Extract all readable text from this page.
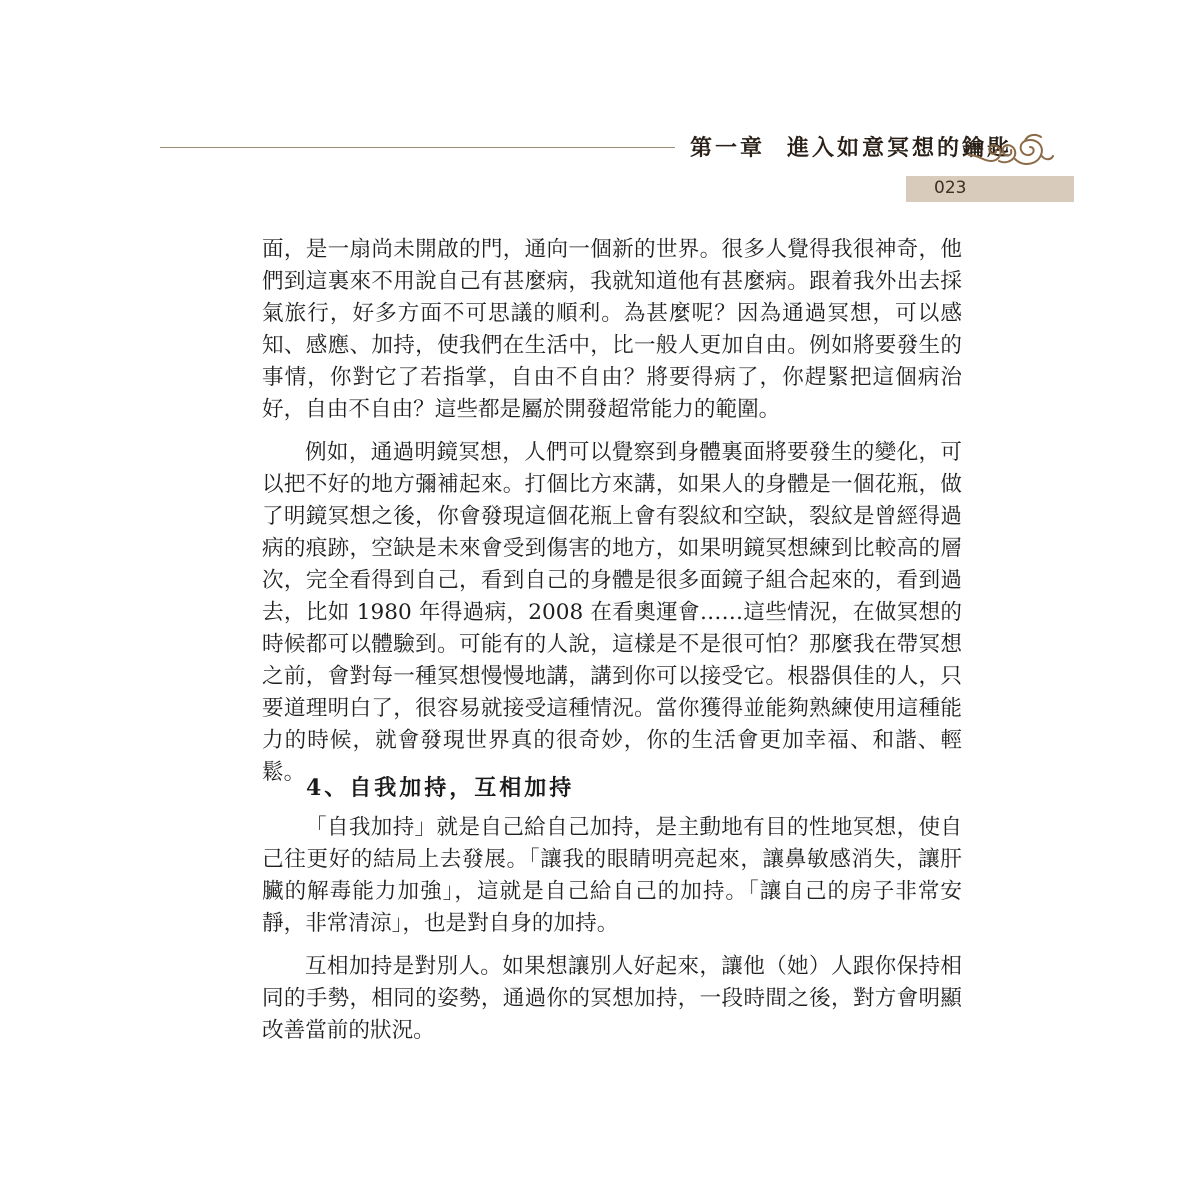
第一章 進入如意冥想的鑰匙
023

面，是一扇尚未開啟的門，通向一個新的世界。很多人覺得我很神奇，他們到這裏來不用說自己有甚麼病，我就知道他有甚麼病。跟着我外出去採氣旅行，好多方面不可思議的順利。為甚麼呢？因為通過冥想，可以感知、感應、加持，使我們在生活中，比一般人更加自由。例如將要發生的事情，你對它了若指掌，自由不自由？將要得病了，你趕緊把這個病治好，自由不自由？這些都是屬於開發超常能力的範圍。

例如，通過明鏡冥想，人們可以覺察到身體裏面將要發生的變化，可以把不好的地方彌補起來。打個比方來講，如果人的身體是一個花瓶，做了明鏡冥想之後，你會發現這個花瓶上會有裂紋和空缺，裂紋是曾經得過病的痕跡，空缺是未來會受到傷害的地方，如果明鏡冥想練到比較高的層次，完全看得到自己，看到自己的身體是很多面鏡子組合起來的，看到過去，比如 1980 年得過病，2008 在看奧運會……這些情況，在做冥想的時候都可以體驗到。可能有的人說，這樣是不是很可怕？那麼我在帶冥想之前，會對每一種冥想慢慢地講，講到你可以接受它。根器俱佳的人，只要道理明白了，很容易就接受這種情況。當你獲得並能夠熟練使用這種能力的時候，就會發現世界真的很奇妙，你的生活會更加幸福、和諧、輕鬆。

4、自我加持，互相加持

「自我加持」就是自己給自己加持，是主動地有目的性地冥想，使自己往更好的結局上去發展。「讓我的眼睛明亮起來，讓鼻敏感消失，讓肝臟的解毒能力加強」，這就是自己給自己的加持。「讓自己的房子非常安靜，非常清涼」，也是對自身的加持。

互相加持是對別人。如果想讓別人好起來，讓他（她）人跟你保持相同的手勢，相同的姿勢，通過你的冥想加持，一段時間之後，對方會明顯改善當前的狀況。
